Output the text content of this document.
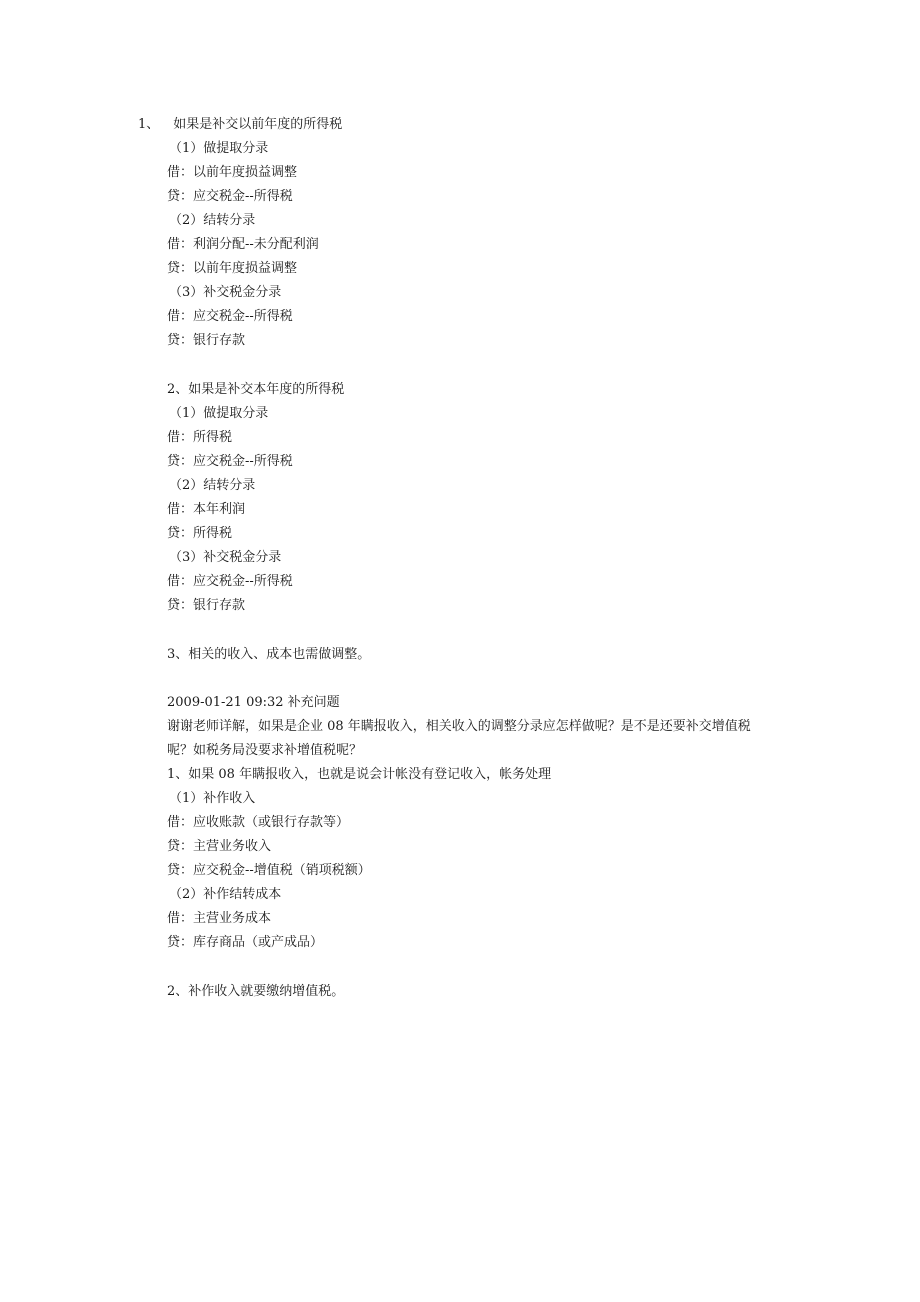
1、 如果是补交以前年度的所得税
（1）做提取分录
借：以前年度损益调整
贷：应交税金--所得税
（2）结转分录
借：利润分配--未分配利润
贷：以前年度损益调整
（3）补交税金分录
借：应交税金--所得税
贷：银行存款
2、如果是补交本年度的所得税
（1）做提取分录
借：所得税
贷：应交税金--所得税
（2）结转分录
借：本年利润
贷：所得税
（3）补交税金分录
借：应交税金--所得税
贷：银行存款
3、相关的收入、成本也需做调整。
2009-01-21 09:32 补充问题
谢谢老师详解，如果是企业 08 年瞒报收入，相关收入的调整分录应怎样做呢？是不是还要补交增值税
呢？如税务局没要求补增值税呢？
1、如果 08 年瞒报收入，也就是说会计帐没有登记收入，帐务处理
（1）补作收入
借：应收账款（或银行存款等）
贷：主营业务收入
贷：应交税金--增值税（销项税额）
（2）补作结转成本
借：主营业务成本
贷：库存商品（或产成品）
2、补作收入就要缴纳增值税。
